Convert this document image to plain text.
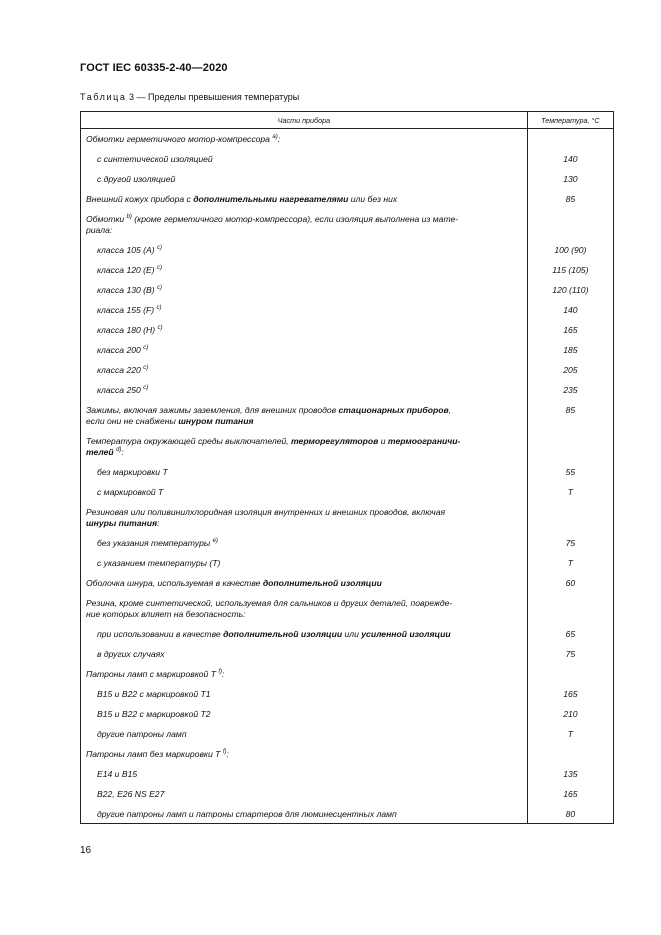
ГОСТ IEC 60335-2-40—2020
Таблица 3 — Пределы превышения температуры
Части прибора	Температура, °С
Обмотки герметичного мотор-компрессора $^{a)}$:	
с синтетической изоляцией	140
с другой изоляцией	130
Внешний кожух прибора с дополнительными нагревателями или без них	85
Обмотки $^{b)}$ (кроме герметичного мотор-компрессора), если изоляция выполнена из мате-
риала:	
класса 105 (A) $^{c)}$	100 (90)
класса 120 (E) $^{c)}$	115 (105)
класса 130 (B) $^{c)}$	120 (110)
класса 155 (F) $^{c)}$	140
класса 180 (H) $^{c)}$	165
класса 200 $^{c)}$	185
класса 220 $^{c)}$	205
класса 250 $^{c)}$	235
Зажимы, включая зажимы заземления, для внешних проводов стационарных приборов,
если они не снабжены шнуром питания	85
Температура окружающей среды выключателей, терморегуляторов и термоограничи-
телей $^{d)}$:	
без маркировки T	55
с маркировкой T	T
Резиновая или поливинилхлоридная изоляция внутренних и внешних проводов, включая
шнуры питания:	
без указания температуры $^{e)}$	75
с указанием температуры (T)	T
Оболочка шнура, используемая в качестве дополнительной изоляции	60
Резина, кроме синтетической, используемая для сальников и других деталей, поврежде-
ние которых влияет на безопасность:	
при использовании в качестве дополнительной изоляции или усиленной изоляции	65
в других случаях	75
Патроны ламп с маркировкой T $^{f)}$:	
B15 и B22 с маркировкой T1	165
B15 и B22 с маркировкой T2	210
другие патроны ламп	T
Патроны ламп без маркировки T $^{f)}$:	
E14 и B15	135
B22, E26 NS E27	165
другие патроны ламп и патроны стартеров для люминесцентных ламп	80
16
